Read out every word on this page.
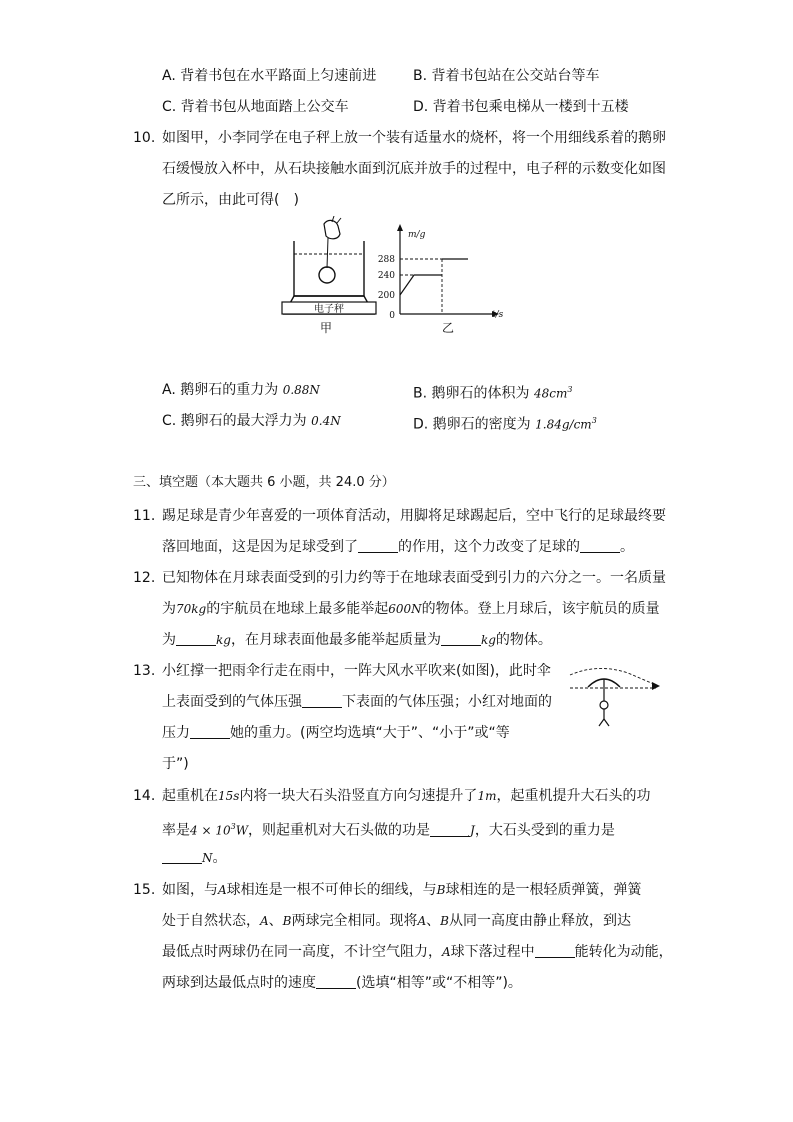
A. 背着书包在水平路面上匀速前进	B. 背着书包站在公交站台等车
C. 背着书包从地面踏上公交车	D. 背着书包乘电梯从一楼到十五楼
10. 如图甲，小李同学在电子秤上放一个装有适量水的烧杯，将一个用细线系着的鹅卵
石缓慢放入杯中，从石块接触水面到沉底并放手的过程中，电子秤的示数变化如图
乙所示，由此可得(　)
电子秤
甲
m/g
t/s
288
240
200
0
乙
A. 鹅卵石的重力为 0.88N	B. 鹅卵石的体积为 $48cm^3$
C. 鹅卵石的最大浮力为 0.4N	D. 鹅卵石的密度为 $1.84g/cm^3$
三、填空题（本大题共 6 小题，共 24.0 分）
11. 踢足球是青少年喜爱的一项体育活动，用脚将足球踢起后，空中飞行的足球最终要
落回地面，这是因为足球受到了	的作用，这个力改变了足球的	。
12. 已知物体在月球表面受到的引力约等于在地球表面受到引力的六分之一。一名质量
为70kg的宇航员在地球上最多能举起600N的物体。登上月球后，该宇航员的质量
为	kg，在月球表面他最多能举起质量为	kg的物体。
13. 小红撑一把雨伞行走在雨中，一阵大风水平吹来(如图)，此时伞
上表面受到的气体压强	下表面的气体压强；小红对地面的
压力	她的重力。(两空均选填“大于”、“小于”或“等
于”)
14. 起重机在15s内将一块大石头沿竖直方向匀速提升了1m，起重机提升大石头的功
率是$4 \times 10^3W$，则起重机对大石头做的功是	J，大石头受到的重力是
N。
15. 如图，与A球相连是一根不可伸长的细线，与B球相连的是一根轻质弹簧，弹簧
处于自然状态，A、B两球完全相同。现将A、B从同一高度由静止释放，到达
最低点时两球仍在同一高度，不计空气阻力，A球下落过程中	能转化为动能，
两球到达最低点时的速度	(选填“相等”或“不相等”)。
